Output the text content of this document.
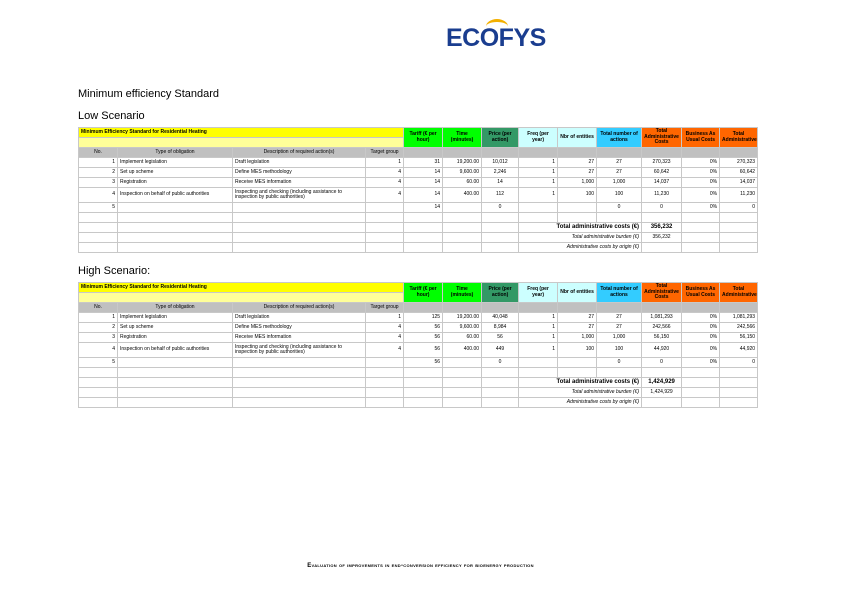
ECOFYS
Minimum efficiency Standard
Low Scenario
Minimum Efficiency Standard for Residential Heating				Tariff (€ per hour)	Time (minutes)	Price (per action)	Freq (per year)	Nbr of entities	Total number of actions	Total Administrative Costs	Business As Usual Costs	Total Administrative

No.	Type of obligation	Description of required action(s)	Target group									
1	Implement legislation	Draft legislation	1	31	19,200.00	10,012	1	27	27	270,323	0%	270,323
2	Set up scheme	Define MES methodology	4	14	9,600.00	2,246	1	27	27	60,642	0%	60,642
3	Registration	Receive MES information	4	14	60.00	14	1	1,000	1,000	14,037	0%	14,037
4	Inspection on behalf of public authorities	Inspecting and checking (including assistance to inspection by public authorities)	4	14	400.00	112	1	100	100	11,230	0%	11,230
5				14		0			0	0	0%	0

							Total administrative costs (€)			356,232		
							Total administrative burden (€)			356,232		
							Administrative costs by origin (€)					
High Scenario:
Minimum Efficiency Standard for Residential Heating				Tariff (€ per hour)	Time (minutes)	Price (per action)	Freq (per year)	Nbr of entities	Total number of actions	Total Administrative Costs	Business As Usual Costs	Total Administrative

No.	Type of obligation	Description of required action(s)	Target group									
1	Implement legislation	Draft legislation	1	125	19,200.00	40,048	1	27	27	1,081,293	0%	1,081,293
2	Set up scheme	Define MES methodology	4	56	9,600.00	8,984	1	27	27	242,566	0%	242,566
3	Registration	Receive MES information	4	56	60.00	56	1	1,000	1,000	56,150	0%	56,150
4	Inspection on behalf of public authorities	Inspecting and checking (including assistance to inspection by public authorities)	4	56	400.00	449	1	100	100	44,920	0%	44,920
5				56		0			0	0	0%	0

							Total administrative costs (€)			1,424,929		
							Total administrative burden (€)			1,424,929		
							Administrative costs by origin (€)					
Evaluation of improvements in end-conversion efficiency for bioenergy production
